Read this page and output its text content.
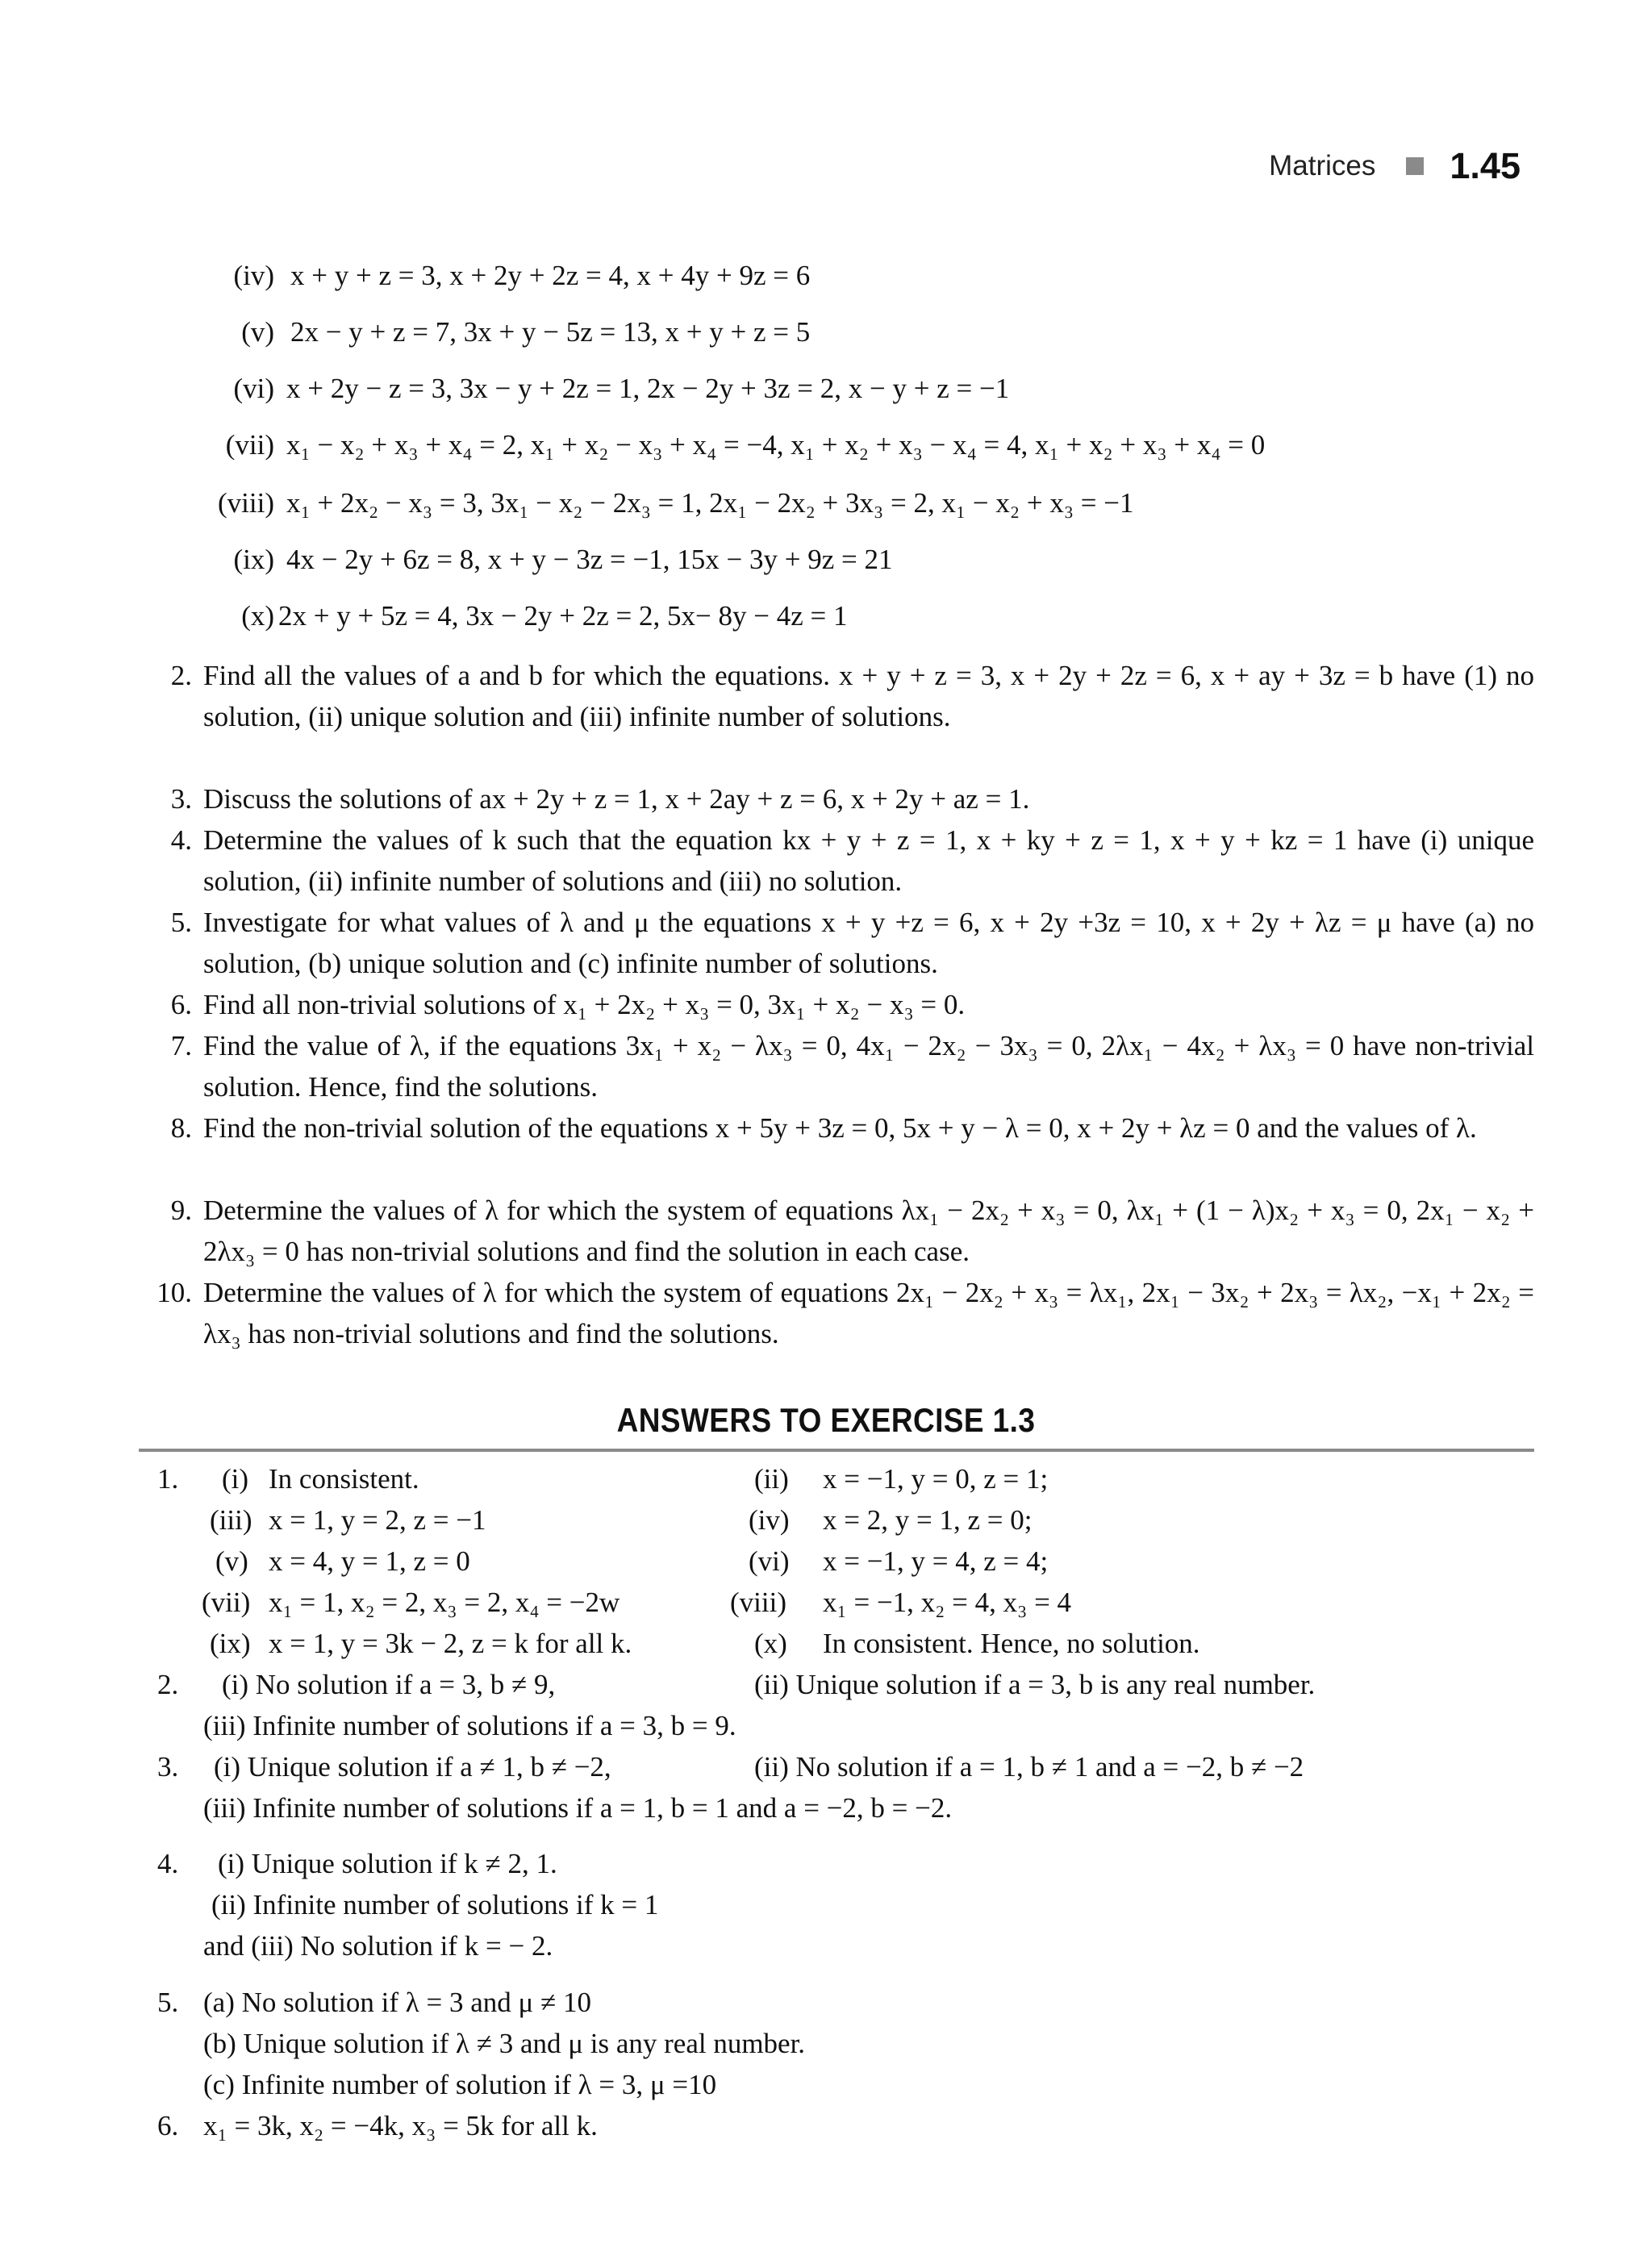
Matrices 1.45
(iv) x + y + z = 3, x + 2y + 2z = 4, x + 4y + 9z = 6
(v) 2x − y + z = 7, 3x + y − 5z = 13, x + y + z = 5
(vi) x + 2y − z = 3, 3x − y + 2z = 1, 2x − 2y + 3z = 2, x − y + z = −1
(vii) x₁ − x₂ + x₃ + x₄ = 2, x₁ + x₂ − x₃ + x₄ = −4, x₁ + x₂ + x₃ − x₄ = 4, x₁ + x₂ + x₃ + x₄ = 0
(viii) x₁ + 2x₂ − x₃ = 3, 3x₁ − x₂ − 2x₃ = 1, 2x₁ − 2x₂ + 3x₃ = 2, x₁ − x₂ + x₃ = −1
(ix) 4x − 2y + 6z = 8, x + y − 3z = −1, 15x − 3y + 9z = 21
(x) 2x + y + 5z = 4, 3x − 2y + 2z = 2, 5x− 8y − 4z = 1
2. Find all the values of a and b for which the equations. x + y + z = 3, x + 2y + 2z = 6, x + ay + 3z = b have (1) no solution, (ii) unique solution and (iii) infinite number of solutions.
3. Discuss the solutions of ax + 2y + z = 1, x + 2ay + z = 6, x + 2y + az = 1.
4. Determine the values of k such that the equation kx + y + z = 1, x + ky + z = 1, x + y + kz = 1 have (i) unique solution, (ii) infinite number of solutions and (iii) no solution.
5. Investigate for what values of λ and μ the equations x + y +z = 6, x + 2y +3z = 10, x + 2y + λz = μ have (a) no solution, (b) unique solution and (c) infinite number of solutions.
6. Find all non-trivial solutions of x₁ + 2x₂ + x₃ = 0, 3x₁ + x₂ − x₃ = 0.
7. Find the value of λ, if the equations 3x₁ + x₂ − λx₃ = 0, 4x₁ − 2x₂ − 3x₃ = 0, 2λx₁ − 4x₂ + λx₃ = 0 have non-trivial solution. Hence, find the solutions.
8. Find the non-trivial solution of the equations x + 5y + 3z = 0, 5x + y − λ = 0, x + 2y + λz = 0 and the values of λ.
9. Determine the values of λ for which the system of equations λx₁ − 2x₂ + x₃ = 0, λx₁ + (1 − λ)x₂ + x₃ = 0, 2x₁ − x₂ + 2λx₃ = 0 has non-trivial solutions and find the solution in each case.
10. Determine the values of λ for which the system of equations 2x₁ − 2x₂ + x₃ = λx₁, 2x₁ − 3x₂ + 2x₃ = λx₂, −x₁ + 2x₂ = λx₃ has non-trivial solutions and find the solutions.
ANSWERS TO EXERCISE 1.3
1. (i) In consistent.	(ii) x = −1, y = 0, z = 1;
(iii) x = 1, y = 2, z = −1	(iv) x = 2, y = 1, z = 0;
(v) x = 4, y = 1, z = 0	(vi) x = −1, y = 4, z = 4;
(vii) x₁ = 1, x₂ = 2, x₃ = 2, x₄ = −2w	(viii) x₁ = −1, x₂ = 4, x₃ = 4
(ix) x = 1, y = 3k − 2, z = k for all k.	(x) In consistent. Hence, no solution.
2. (i) No solution if a = 3, b ≠ 9,	(ii) Unique solution if a = 3, b is any real number.
(iii) Infinite number of solutions if a = 3, b = 9.
3. (i) Unique solution if a ≠ 1, b ≠ −2,	(ii) No solution if a = 1, b ≠ 1 and a = −2, b ≠ −2
(iii) Infinite number of solutions if a = 1, b = 1 and a = −2, b = −2.
4. (i) Unique solution if k ≠ 2, 1.
(ii) Infinite number of solutions if k = 1
and (iii) No solution if k = − 2.
5. (a) No solution if λ = 3 and μ ≠ 10
(b) Unique solution if λ ≠ 3 and μ is any real number.
(c) Infinite number of solution if λ = 3, μ =10
6. x₁ = 3k, x₂ = −4k, x₃ = 5k for all k.
